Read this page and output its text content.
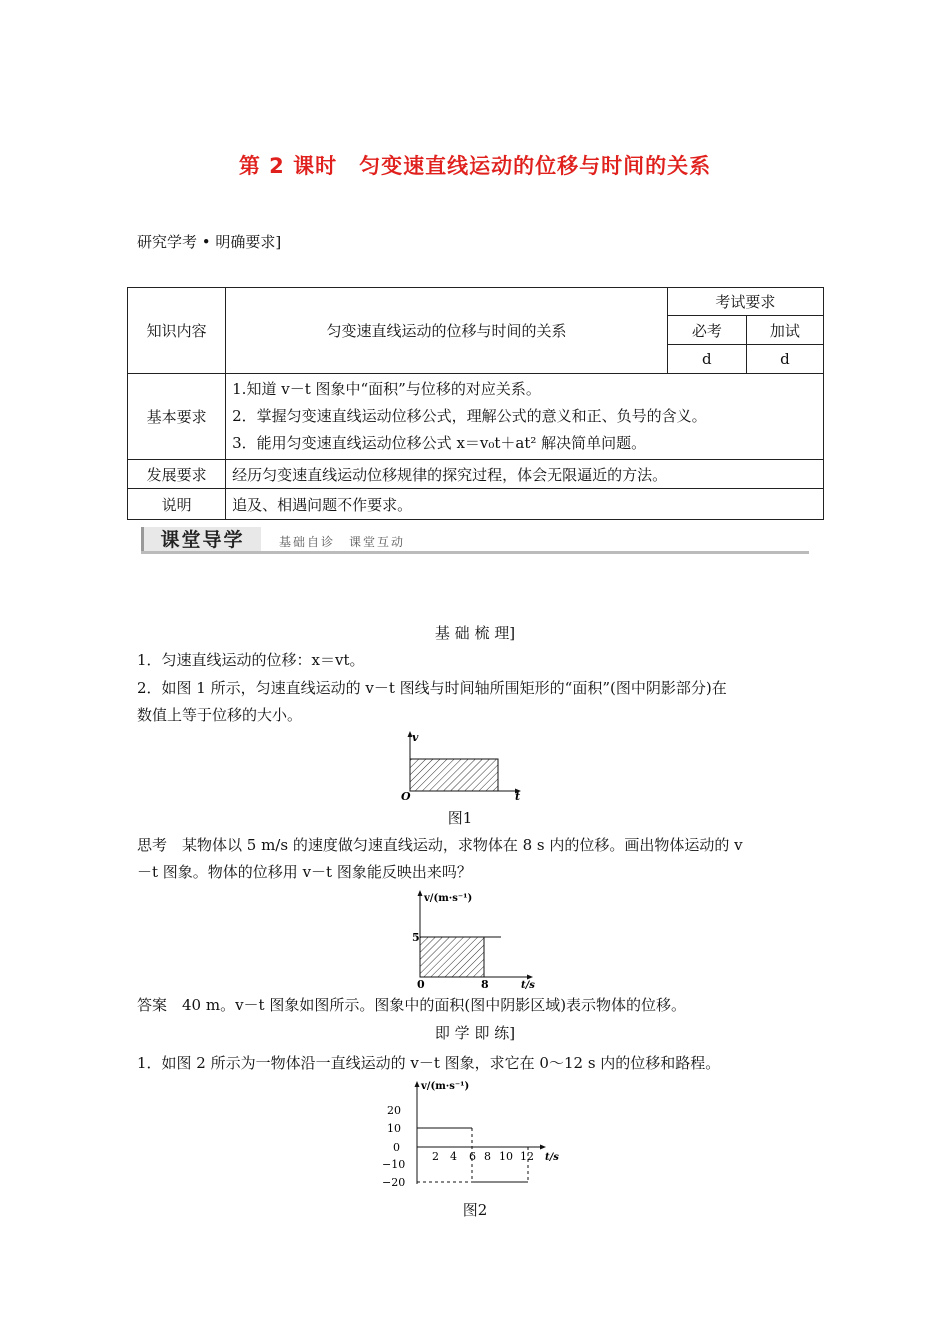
第 2 课时　匀变速直线运动的位移与时间的关系
研究学考 • 明确要求]
知识内容	匀变速直线运动的位移与时间的关系	考试要求	
		必考	加试
		d	d
基本要求	1.知道 v－t 图象中“面积”与位移的对应关系。
2．掌握匀变速直线运动位移公式，理解公式的意义和正、负号的含义。
3．能用匀变速直线运动位移公式 x＝v₀t＋at² 解决简单问题。		

发展要求	经历匀变速直线运动位移规律的探究过程，体会无限逼近的方法。		
说明	追及、相遇问题不作要求。		
课堂导学	基础自诊　课堂互动
基 础 梳 理]
1．匀速直线运动的位移：x＝vt。
2．如图 1 所示，匀速直线运动的 v－t 图线与时间轴所围矩形的“面积”(图中阴影部分)在
数值上等于位移的大小。
v
O	t
图1
思考　某物体以 5 m/s 的速度做匀速直线运动，求物体在 8 s 内的位移。画出物体运动的 v
－t 图象。物体的位移用 v－t 图象能反映出来吗？
v/(m·s⁻¹)
5
0	8	t/s
答案　40 m。v－t 图象如图所示。图象中的面积(图中阴影区域)表示物体的位移。
即 学 即 练]
1．如图 2 所示为一物体沿一直线运动的 v－t 图象，求它在 0～12 s 内的位移和路程。
v/(m·s⁻¹)
20
10
0
−10
−20
2 4 6 8 10 12 t/s
图2
